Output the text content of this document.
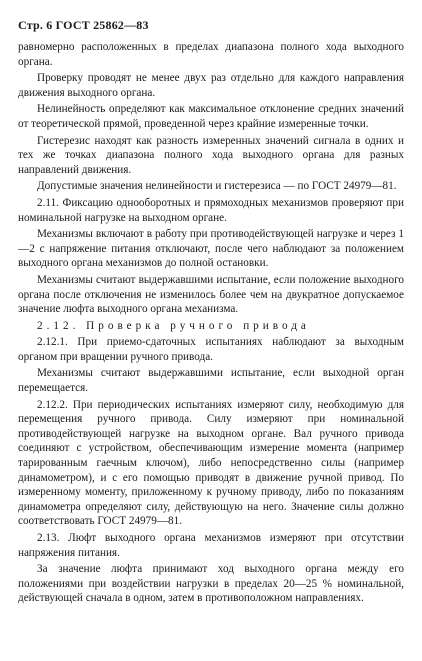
Стр. 6 ГОСТ 25862—83

равномерно расположенных в пределах диапазона полного хода выходного органа.

Проверку проводят не менее двух раз отдельно для каждого направления движения выходного органа.

Нелинейность определяют как максимальное отклонение средних значений от теоретической прямой, проведенной через крайние измеренные точки.

Гистерезис находят как разность измеренных значений сигнала в одних и тех же точках диапазона полного хода выходного органа для разных направлений движения.

Допустимые значения нелинейности и гистерезиса — по ГОСТ 24979—81.

2.11. Фиксацию однооборотных и прямоходных механизмов проверяют при номинальной нагрузке на выходном органе.

Механизмы включают в работу при противодействующей нагрузке и через 1—2 с напряжение питания отключают, после чего наблюдают за положением выходного органа механизмов до полной остановки.

Механизмы считают выдержавшими испытание, если положение выходного органа после отключения не изменилось более чем на двукратное допускаемое значение люфта выходного органа механизма.

2.12. Проверка ручного привода

2.12.1. При приемо-сдаточных испытаниях наблюдают за выходным органом при вращении ручного привода.

Механизмы считают выдержавшими испытание, если выходной орган перемещается.

2.12.2. При периодических испытаниях измеряют силу, необходимую для перемещения ручного привода. Силу измеряют при номинальной противодействующей нагрузке на выходном органе. Вал ручного привода соединяют с устройством, обеспечивающим измерение момента (например тарированным гаечным ключом), либо непосредственно силы (например динамометром), и с его помощью приводят в движение ручной привод. По измеренному моменту, приложенному к ручному приводу, либо по показаниям динамометра определяют силу, действующую на него. Значение силы должно соответствовать ГОСТ 24979—81.

2.13. Люфт выходного органа механизмов измеряют при отсутствии напряжения питания.

За значение люфта принимают ход выходного органа между его положениями при воздействии нагрузки в пределах 20—25 % номинальной, действующей сначала в одном, затем в противоположном направлениях.
